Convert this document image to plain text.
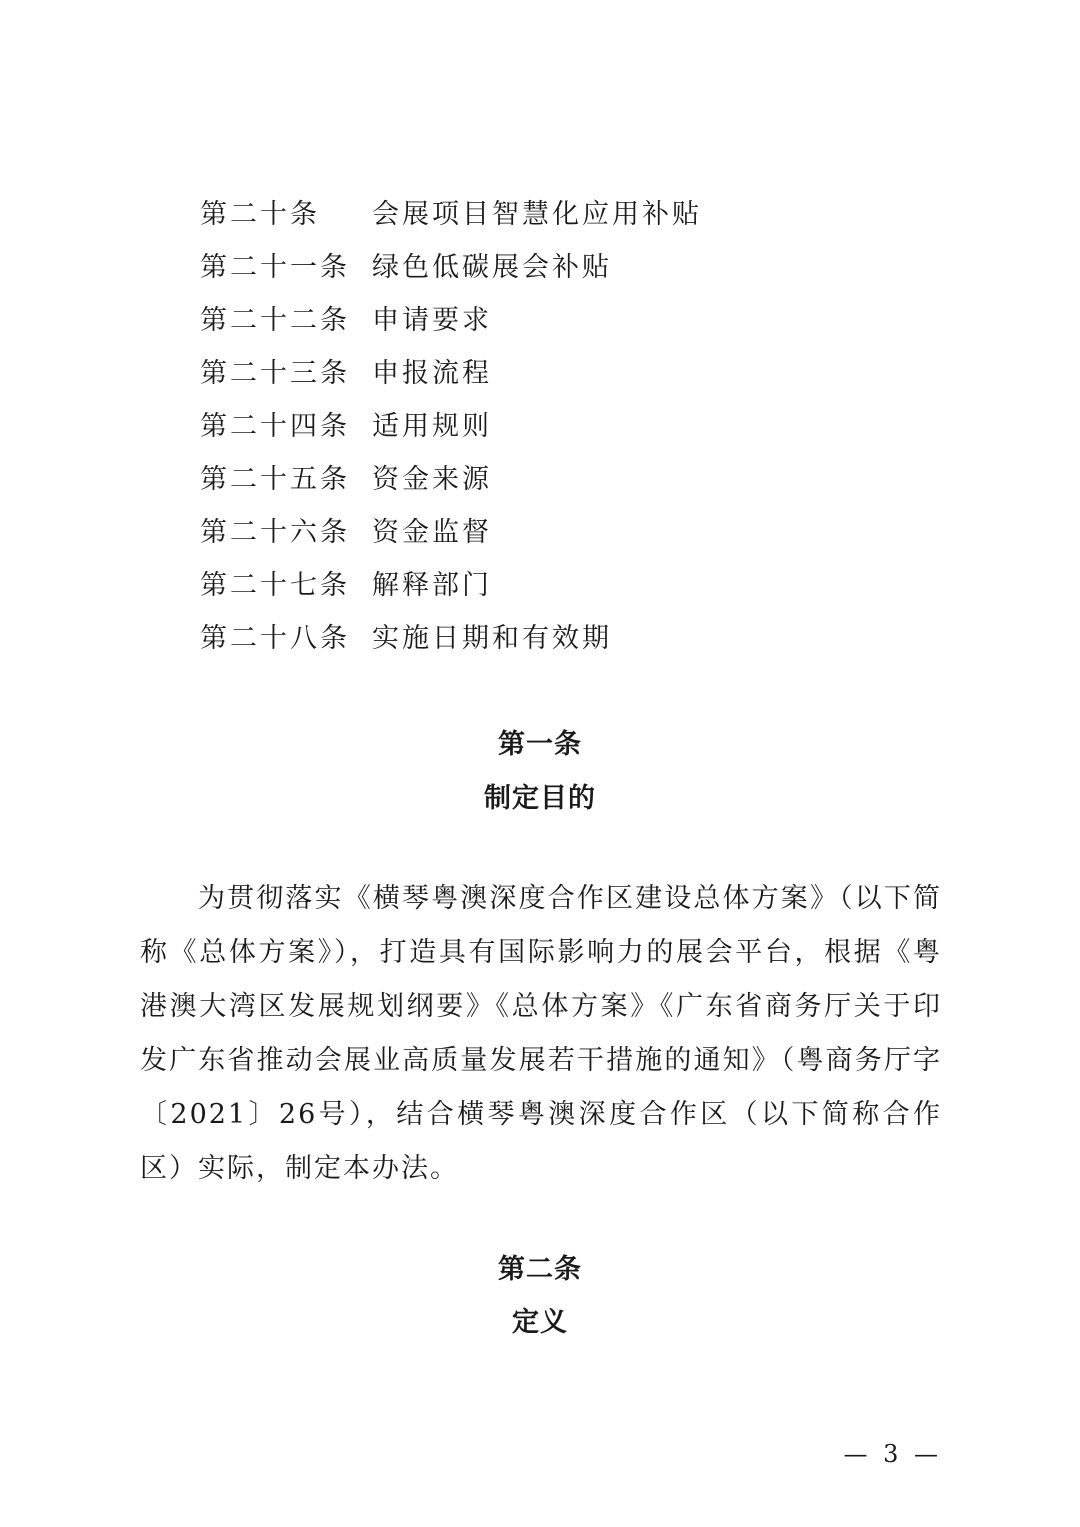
第二十条 会展项目智慧化应用补贴
第二十一条 绿色低碳展会补贴
第二十二条 申请要求
第二十三条 申报流程
第二十四条 适用规则
第二十五条 资金来源
第二十六条 资金监督
第二十七条 解释部门
第二十八条 实施日期和有效期
第一条
制定目的

为贯彻落实《横琴粤澳深度合作区建设总体方案》（以下简称《总体方案》），打造具有国际影响力的展会平台，根据《粤港澳大湾区发展规划纲要》《总体方案》《广东省商务厅关于印发广东省推动会展业高质量发展若干措施的通知》（粤商务厅字〔2021〕26号），结合横琴粤澳深度合作区（以下简称合作区）实际，制定本办法。

第二条
定义
— 3 —
